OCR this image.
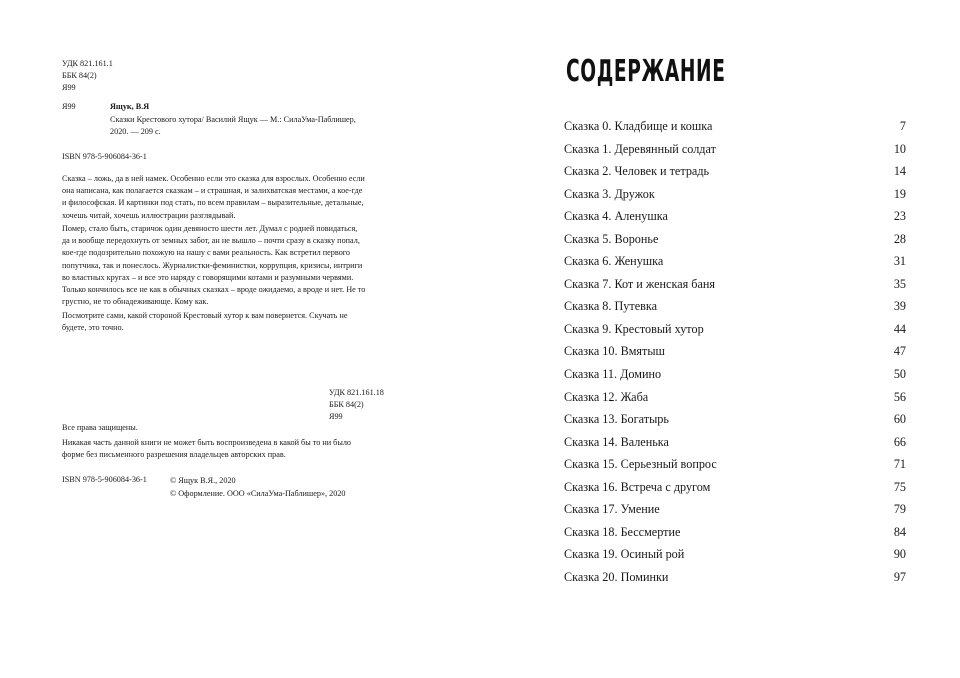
УДК 821.161.1
ББК 84(2)
Я99
Я99	Ящук, В.Я
Сказки Крестового хутора/ Василий Ящук — М.: СилаУма-Паблишер,
2020. — 209 с.
ISBN 978-5-906084-36-1
Сказка – ложь, да в ней намек. Особенно если это сказка для взрослых. Особенно если
она написана, как полагается сказкам – и страшная, и залихватская местами, а кое-где
и философская. И картинки под стать, по всем правилам – выразительные, детальные,
хочешь читай, хочешь иллюстрации разглядывай.
Помер, стало быть, старичок один девяносто шести лет. Думал с родней повидаться,
да и вообще передохнуть от земных забот, ан не вышло – почти сразу в сказку попал,
кое-где подозрительно похожую на нашу с вами реальность. Как встретил первого
попутчика, так и понеслось. Журналистки-феминистки, коррупция, кризисы, интриги
во властных кругах – и все это наряду с говорящими котами и разумными червями.
Только кончилось все не как в обычных сказках – вроде ожидаемо, а вроде и нет. Не то
грустно, не то обнадеживающе. Кому как.
Посмотрите сами, какой стороной Крестовый хутор к вам повернется. Скучать не
будете, это точно.
УДК 821.161.18
ББК 84(2)
Я99
Все права защищены.
Никакая часть данной книги не может быть воспроизведена в какой бы то ни было
форме без письменного разрешения владельцев авторских прав.
ISBN 978-5-906084-36-1	© Ящук В.Я., 2020
© Оформление. ООО «СилаУма-Паблишер», 2020
СОДЕРЖАНИЕ
Сказка 0. Кладбище и кошка	7
Сказка 1. Деревянный солдат	10
Сказка 2. Человек и тетрадь	14
Сказка 3. Дружок	19
Сказка 4. Аленушка	23
Сказка 5. Воронье	28
Сказка 6. Женушка	31
Сказка 7. Кот и женская баня	35
Сказка 8. Путевка	39
Сказка 9. Крестовый хутор	44
Сказка 10. Вмятыш	47
Сказка 11. Домино	50
Сказка 12. Жаба	56
Сказка 13. Богатырь	60
Сказка 14. Валенька	66
Сказка 15. Серьезный вопрос	71
Сказка 16. Встреча с другом	75
Сказка 17. Умение	79
Сказка 18. Бессмертие	84
Сказка 19. Осиный рой	90
Сказка 20. Поминки	97
